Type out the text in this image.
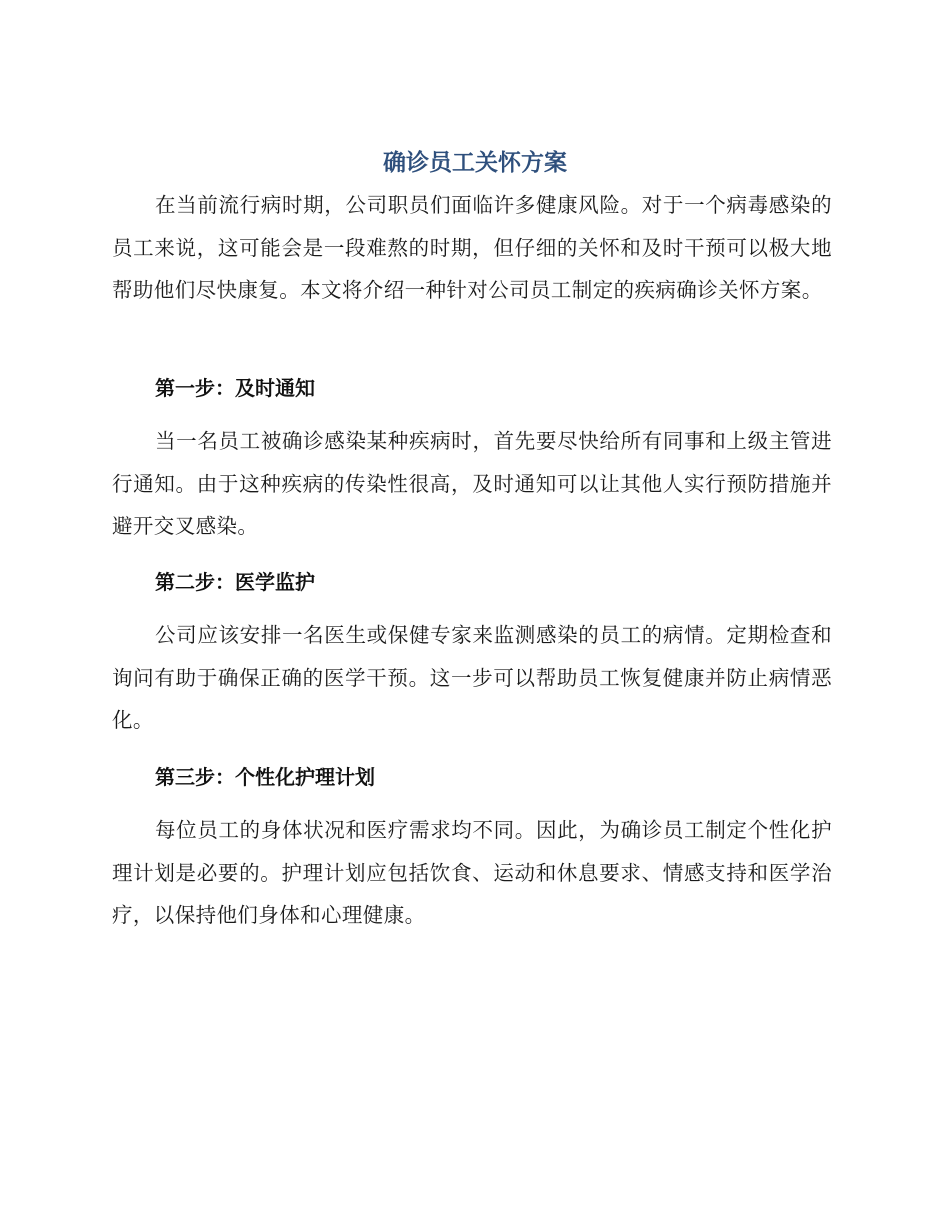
确诊员工关怀方案

在当前流行病时期，公司职员们面临许多健康风险。对于一个病毒感染的员工来说，这可能会是一段难熬的时期，但仔细的关怀和及时干预可以极大地帮助他们尽快康复。本文将介绍一种针对公司员工制定的疾病确诊关怀方案。

第一步：及时通知

当一名员工被确诊感染某种疾病时，首先要尽快给所有同事和上级主管进行通知。由于这种疾病的传染性很高，及时通知可以让其他人实行预防措施并避开交叉感染。

第二步：医学监护

公司应该安排一名医生或保健专家来监测感染的员工的病情。定期检查和询问有助于确保正确的医学干预。这一步可以帮助员工恢复健康并防止病情恶化。

第三步：个性化护理计划

每位员工的身体状况和医疗需求均不同。因此，为确诊员工制定个性化护理计划是必要的。护理计划应包括饮食、运动和休息要求、情感支持和医学治疗，以保持他们身体和心理健康。
